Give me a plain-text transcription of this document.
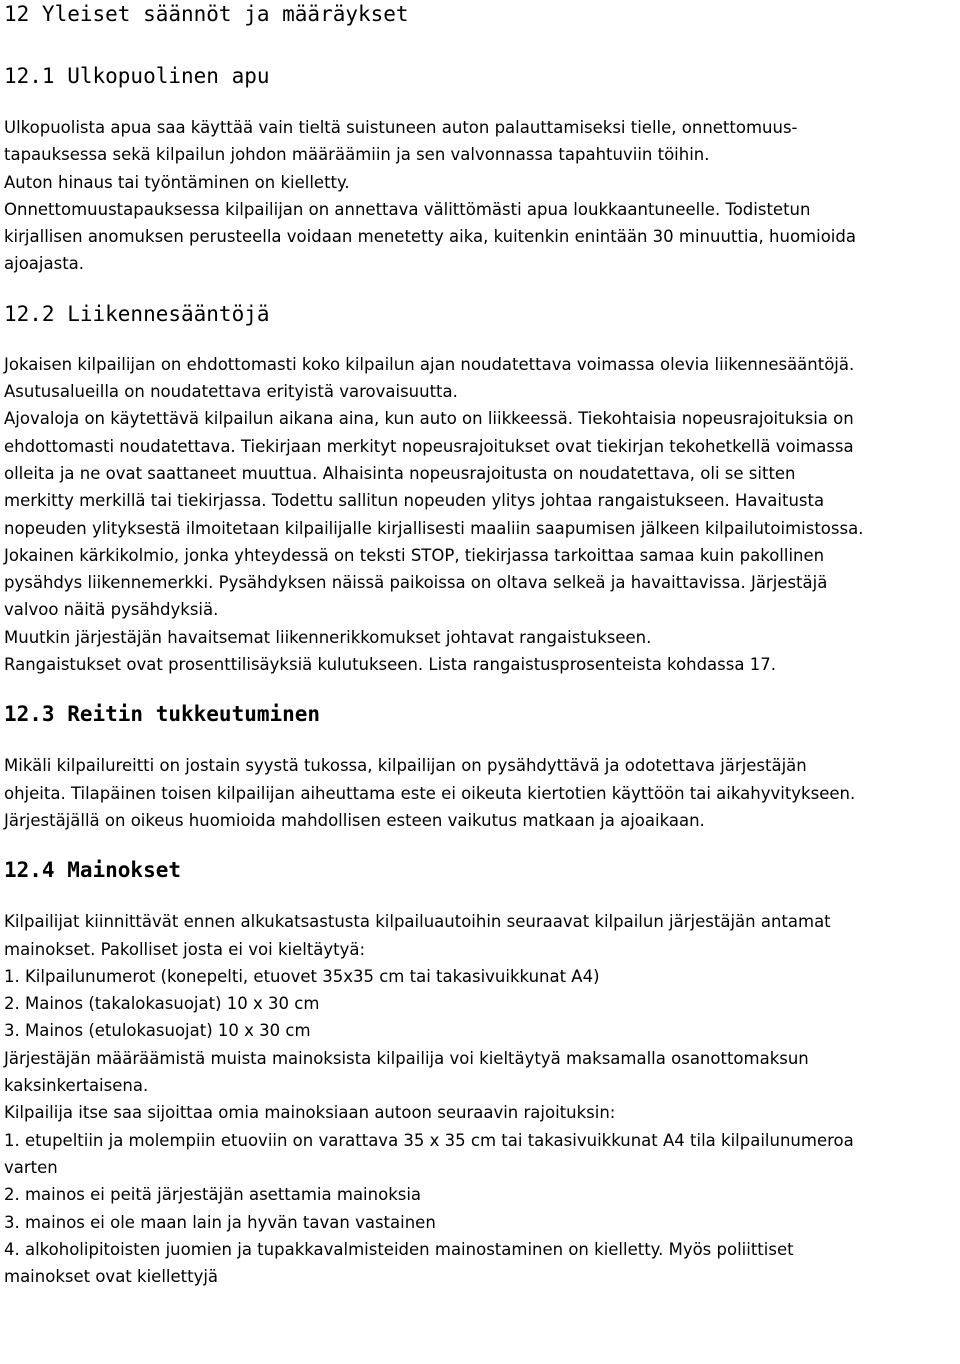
12 Yleiset säännöt ja määräykset
12.1 Ulkopuolinen apu
Ulkopuolista apua saa käyttää vain tieltä suistuneen auton palauttamiseksi tielle, onnettomuus-
tapauksessa sekä kilpailun johdon määräämiin ja sen valvonnassa tapahtuviin töihin.
Auton hinaus tai työntäminen on kielletty.
Onnettomuustapauksessa kilpailijan on annettava välittömästi apua loukkaantuneelle. Todistetun
kirjallisen anomuksen perusteella voidaan menetetty aika, kuitenkin enintään 30 minuuttia, huomioida
ajoajasta.
12.2 Liikennesääntöjä
Jokaisen kilpailijan on ehdottomasti koko kilpailun ajan noudatettava voimassa olevia liikennesääntöjä.
Asutusalueilla on noudatettava erityistä varovaisuutta.
Ajovaloja on käytettävä kilpailun aikana aina, kun auto on liikkeessä. Tiekohtaisia nopeusrajoituksia on
ehdottomasti noudatettava. Tiekirjaan merkityt nopeusrajoitukset ovat tiekirjan tekohetkellä voimassa
olleita ja ne ovat saattaneet muuttua. Alhaisinta nopeusrajoitusta on noudatettava, oli se sitten
merkitty merkillä tai tiekirjassa. Todettu sallitun nopeuden ylitys johtaa rangaistukseen. Havaitusta
nopeuden ylityksestä ilmoitetaan kilpailijalle kirjallisesti maaliin saapumisen jälkeen kilpailutoimistossa.
Jokainen kärkikolmio, jonka yhteydessä on teksti STOP, tiekirjassa tarkoittaa samaa kuin pakollinen
pysähdys liikennemerkki. Pysähdyksen näissä paikoissa on oltava selkeä ja havaittavissa. Järjestäjä
valvoo näitä pysähdyksiä.
Muutkin järjestäjän havaitsemat liikennerikkomukset johtavat rangaistukseen.
Rangaistukset ovat prosenttilisäyksiä kulutukseen. Lista rangaistusprosenteista kohdassa 17.
12.3 Reitin tukkeutuminen
Mikäli kilpailureitti on jostain syystä tukossa, kilpailijan on pysähdyttävä ja odotettava järjestäjän
ohjeita. Tilapäinen toisen kilpailijan aiheuttama este ei oikeuta kiertotien käyttöön tai aikahyvitykseen.
Järjestäjällä on oikeus huomioida mahdollisen esteen vaikutus matkaan ja ajoaikaan.
12.4 Mainokset
Kilpailijat kiinnittävät ennen alkukatsastusta kilpailuautoihin seuraavat kilpailun järjestäjän antamat
mainokset. Pakolliset josta ei voi kieltäytyä:
1. Kilpailunumerot (konepelti, etuovet 35x35 cm tai takasivuikkunat A4)
2. Mainos (takalokasuojat) 10 x 30 cm
3. Mainos (etulokasuojat) 10 x 30 cm
Järjestäjän määräämistä muista mainoksista kilpailija voi kieltäytyä maksamalla osanottomaksun
kaksinkertaisena.
Kilpailija itse saa sijoittaa omia mainoksiaan autoon seuraavin rajoituksin:
1. etupeltiin ja molempiin etuoviin on varattava 35 x 35 cm tai takasivuikkunat A4 tila kilpailunumeroa
varten
2. mainos ei peitä järjestäjän asettamia mainoksia
3. mainos ei ole maan lain ja hyvän tavan vastainen
4. alkoholipitoisten juomien ja tupakkavalmisteiden mainostaminen on kielletty. Myös poliittiset
mainokset ovat kiellettyjä
